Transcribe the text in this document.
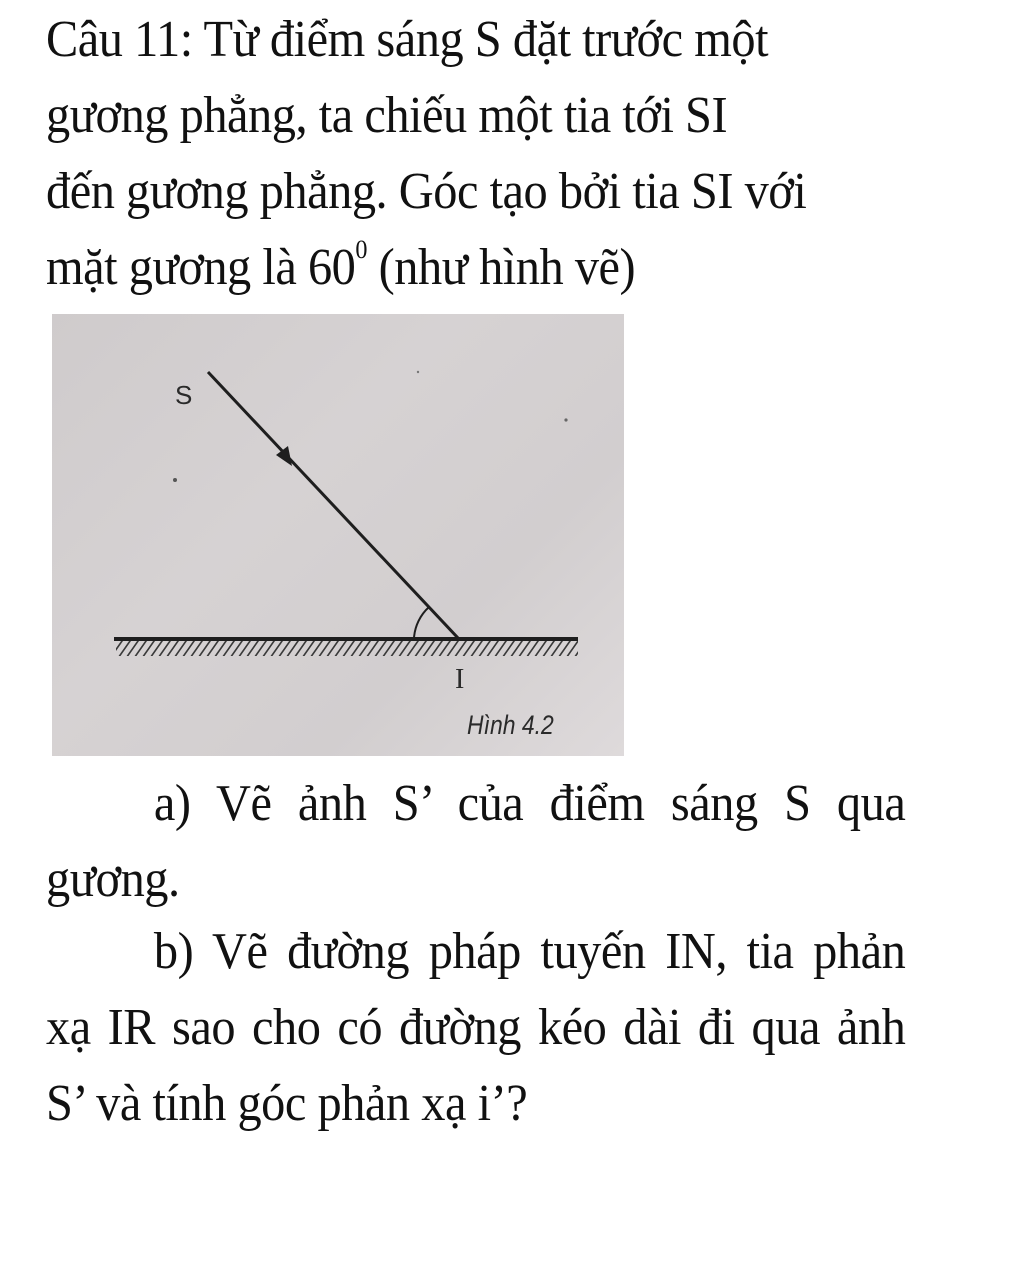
Câu 11: Từ điểm sáng S đặt trước một
gương phẳng, ta chiếu một tia tới SI
đến gương phẳng. Góc tạo bởi tia SI với
mặt gương là $60^0$ (như hình vẽ)
S
I
Hình 4.2
a) Vẽ ảnh S’ của điểm sáng S qua gương.
b) Vẽ đường pháp tuyến IN, tia phản xạ IR sao cho có đường kéo dài đi qua ảnh S’ và tính góc phản xạ i’?
